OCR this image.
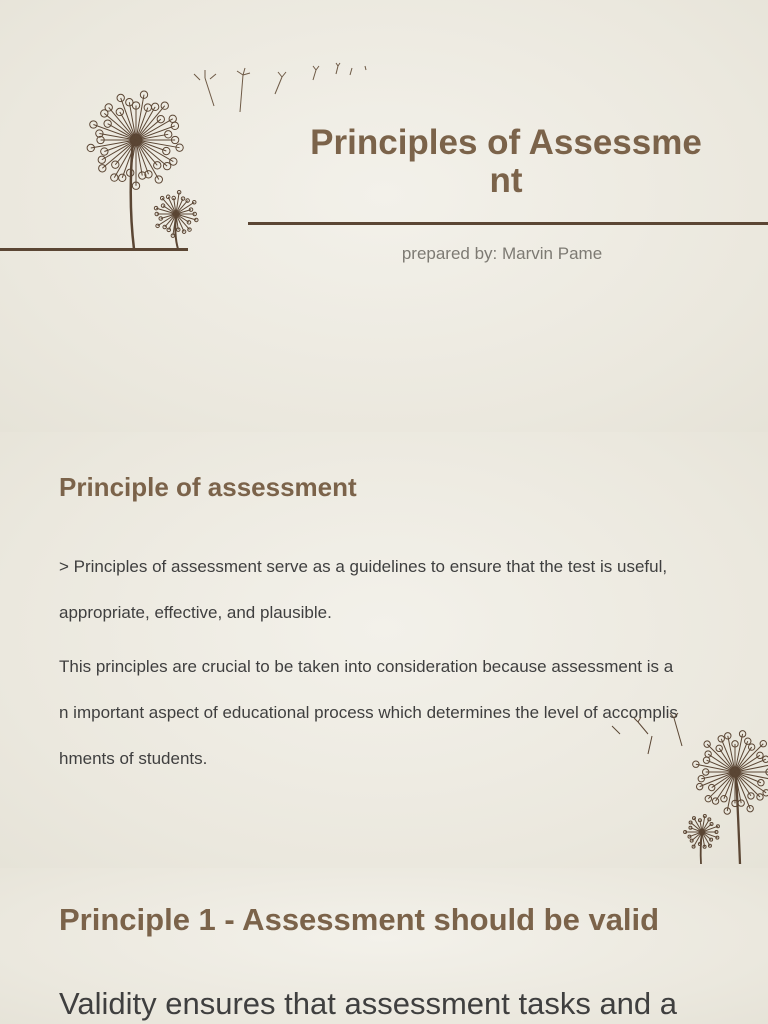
Principles of Assessment
prepared by: Marvin Pame
Principle of assessment
> Principles of assessment serve as a guidelines to ensure that the test is useful, appropriate, effective, and plausible.
This principles are crucial to be taken into consideration because assessment is an important aspect of educational process which determines the level of accomplishments of students.
Principle 1 - Assessment should be valid
Validity ensures that assessment tasks and a
